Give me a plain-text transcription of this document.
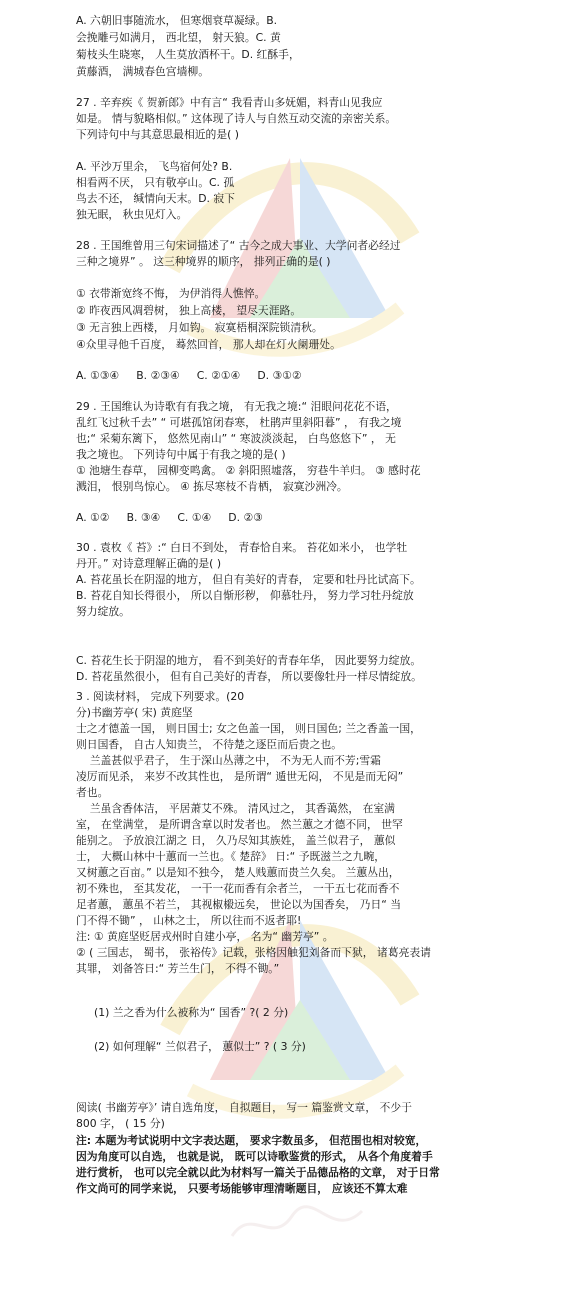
A. 六朝旧事随流水， 但寒烟衰草凝绿。B.
会挽雕弓如满月， 西北望， 射天狼。C. 黄
菊枝头生晓寒， 人生莫放酒杯干。D. 红酥手，
黄藤酒， 满城春色宫墙柳。
27 . 辛弃疾《 贺新郎》中有言“ 我看青山多妩媚，料青山见我应
如是。 情与貌略相似。” 这体现了诗人与自然互动交流的亲密关系。
下列诗句中与其意思最相近的是( )
A. 平沙万里余， 飞鸟宿何处? B.
相看两不厌， 只有敬亭山。C. 孤
鸟去不还， 缄情向天末。D. 寂下
独无眠， 秋虫见灯入。
28 . 王国维曾用三句宋词描述了“ 古今之成大事业、大学问者必经过
三种之境界” 。 这三种境界的顺序， 排列正确的是( )
① 衣带渐宽终不悔， 为伊消得人憔悴。
② 昨夜西风凋碧树， 独上高楼， 望尽天涯路。
③ 无言独上西楼， 月如钩。 寂寞梧桐深院锁清秋。
④众里寻他千百度， 蓦然回首， 那人却在灯火阑珊处。
A. ①③④     B. ②③④     C. ②①④     D. ③①②
29 . 王国维认为诗歌有有我之境， 有无我之境:“ 泪眼问花花不语，
乱红飞过秋千去” “ 可堪孤馆闭春寒， 杜鹃声里斜阳暮” ， 有我之境
也;“ 采菊东篱下， 悠然见南山” “ 寒波淡淡起， 白鸟悠悠下” ， 无
我之境也。 下列诗句中属于有我之境的是( )
① 池塘生春草， 园柳变鸣禽。 ② 斜阳照墟落， 穷巷牛羊归。 ③ 感时花
溅泪， 恨别鸟惊心。 ④ 拣尽寒枝不肯栖， 寂寞沙洲冷。
A. ①②     B. ③④     C. ①④     D. ②③
30 . 袁枚《 苔》:“ 白日不到处， 青春恰自来。 苔花如米小， 也学牡
丹开。” 对诗意理解正确的是( )
A. 苔花虽长在阴湿的地方， 但自有美好的青春， 定要和牡丹比试高下。
B. 苔花自知长得很小， 所以自惭形秽， 仰慕牡丹， 努力学习牡丹绽放
努力绽放。
C. 苔花生长于阴湿的地方， 看不到美好的青春年华， 因此要努力绽放。
D. 苔花虽然很小， 但有自己美好的青春， 所以要像牡丹一样尽情绽放。
3 . 阅读材料， 完成下列要求。(20
分)书幽芳亭( 宋) 黄庭坚
士之才德盖一国， 则日国士; 女之色盖一国， 则日国色; 兰之香盖一国，
则日国香， 自古人知贵兰， 不待楚之逐臣而后贵之也。
兰盖甚似乎君子， 生于深山丛薄之中， 不为无人而不芳;雪霜
凌厉而见杀， 来岁不改其性也， 是所谓“ 遁世无闷， 不见是而无闷”
者也。
兰虽含香体洁， 平居萧艾不殊。 清风过之， 其香蔼然， 在室满
室， 在堂满堂， 是所谓含章以时发者也。 然兰蕙之才德不同， 世罕
能别之。 予放浪江湖之 日， 久乃尽知其族姓， 盖兰似君子， 蕙似
士， 大概山林中十蕙而一兰也。《 楚辞》 日:“ 予既滋兰之九畹，
又树蕙之百亩。” 以是知不独今， 楚人贱蕙而贵兰久矣。 兰蕙丛出，
初不殊也， 至其发花， 一干一花而香有余者兰， 一干五七花而香不
足者蕙， 蕙虽不若兰， 其视椒榝远矣， 世论以为国香矣， 乃日“ 当
门不得不锄” ， 山林之士， 所以往而不返者耶!
注: ① 黄庭坚贬居戎州时自建小亭， 名为“ 幽芳亭” 。
② ( 三国志， 蜀书， 张裕传》记载，张格因触犯刘备而下狱， 诸葛亮表请
其罪， 刘备答日:“ 芳兰生门， 不得不锄。”
(1) 兰之香为什么被称为“ 国香” ?( 2 分)
(2) 如何理解“ 兰似君子， 蕙似士” ? ( 3 分)
阅读( 书幽芳亭》’ 请自选角度， 自拟题目， 写一 篇鉴赏文章， 不少于
800 字， ( 15 分)
注: 本题为考试说明中文字表达题， 要求字数虽多， 但范围也相对较宽，
因为角度可以自选， 也就是说， 既可以诗歌鉴赏的形式， 从各个角度着手
进行赏析， 也可以完全就以此为材料写一篇关于品德品格的文章， 对于日常
作文尚可的同学来说， 只要考场能够审理清晰题目， 应该还不算太难
